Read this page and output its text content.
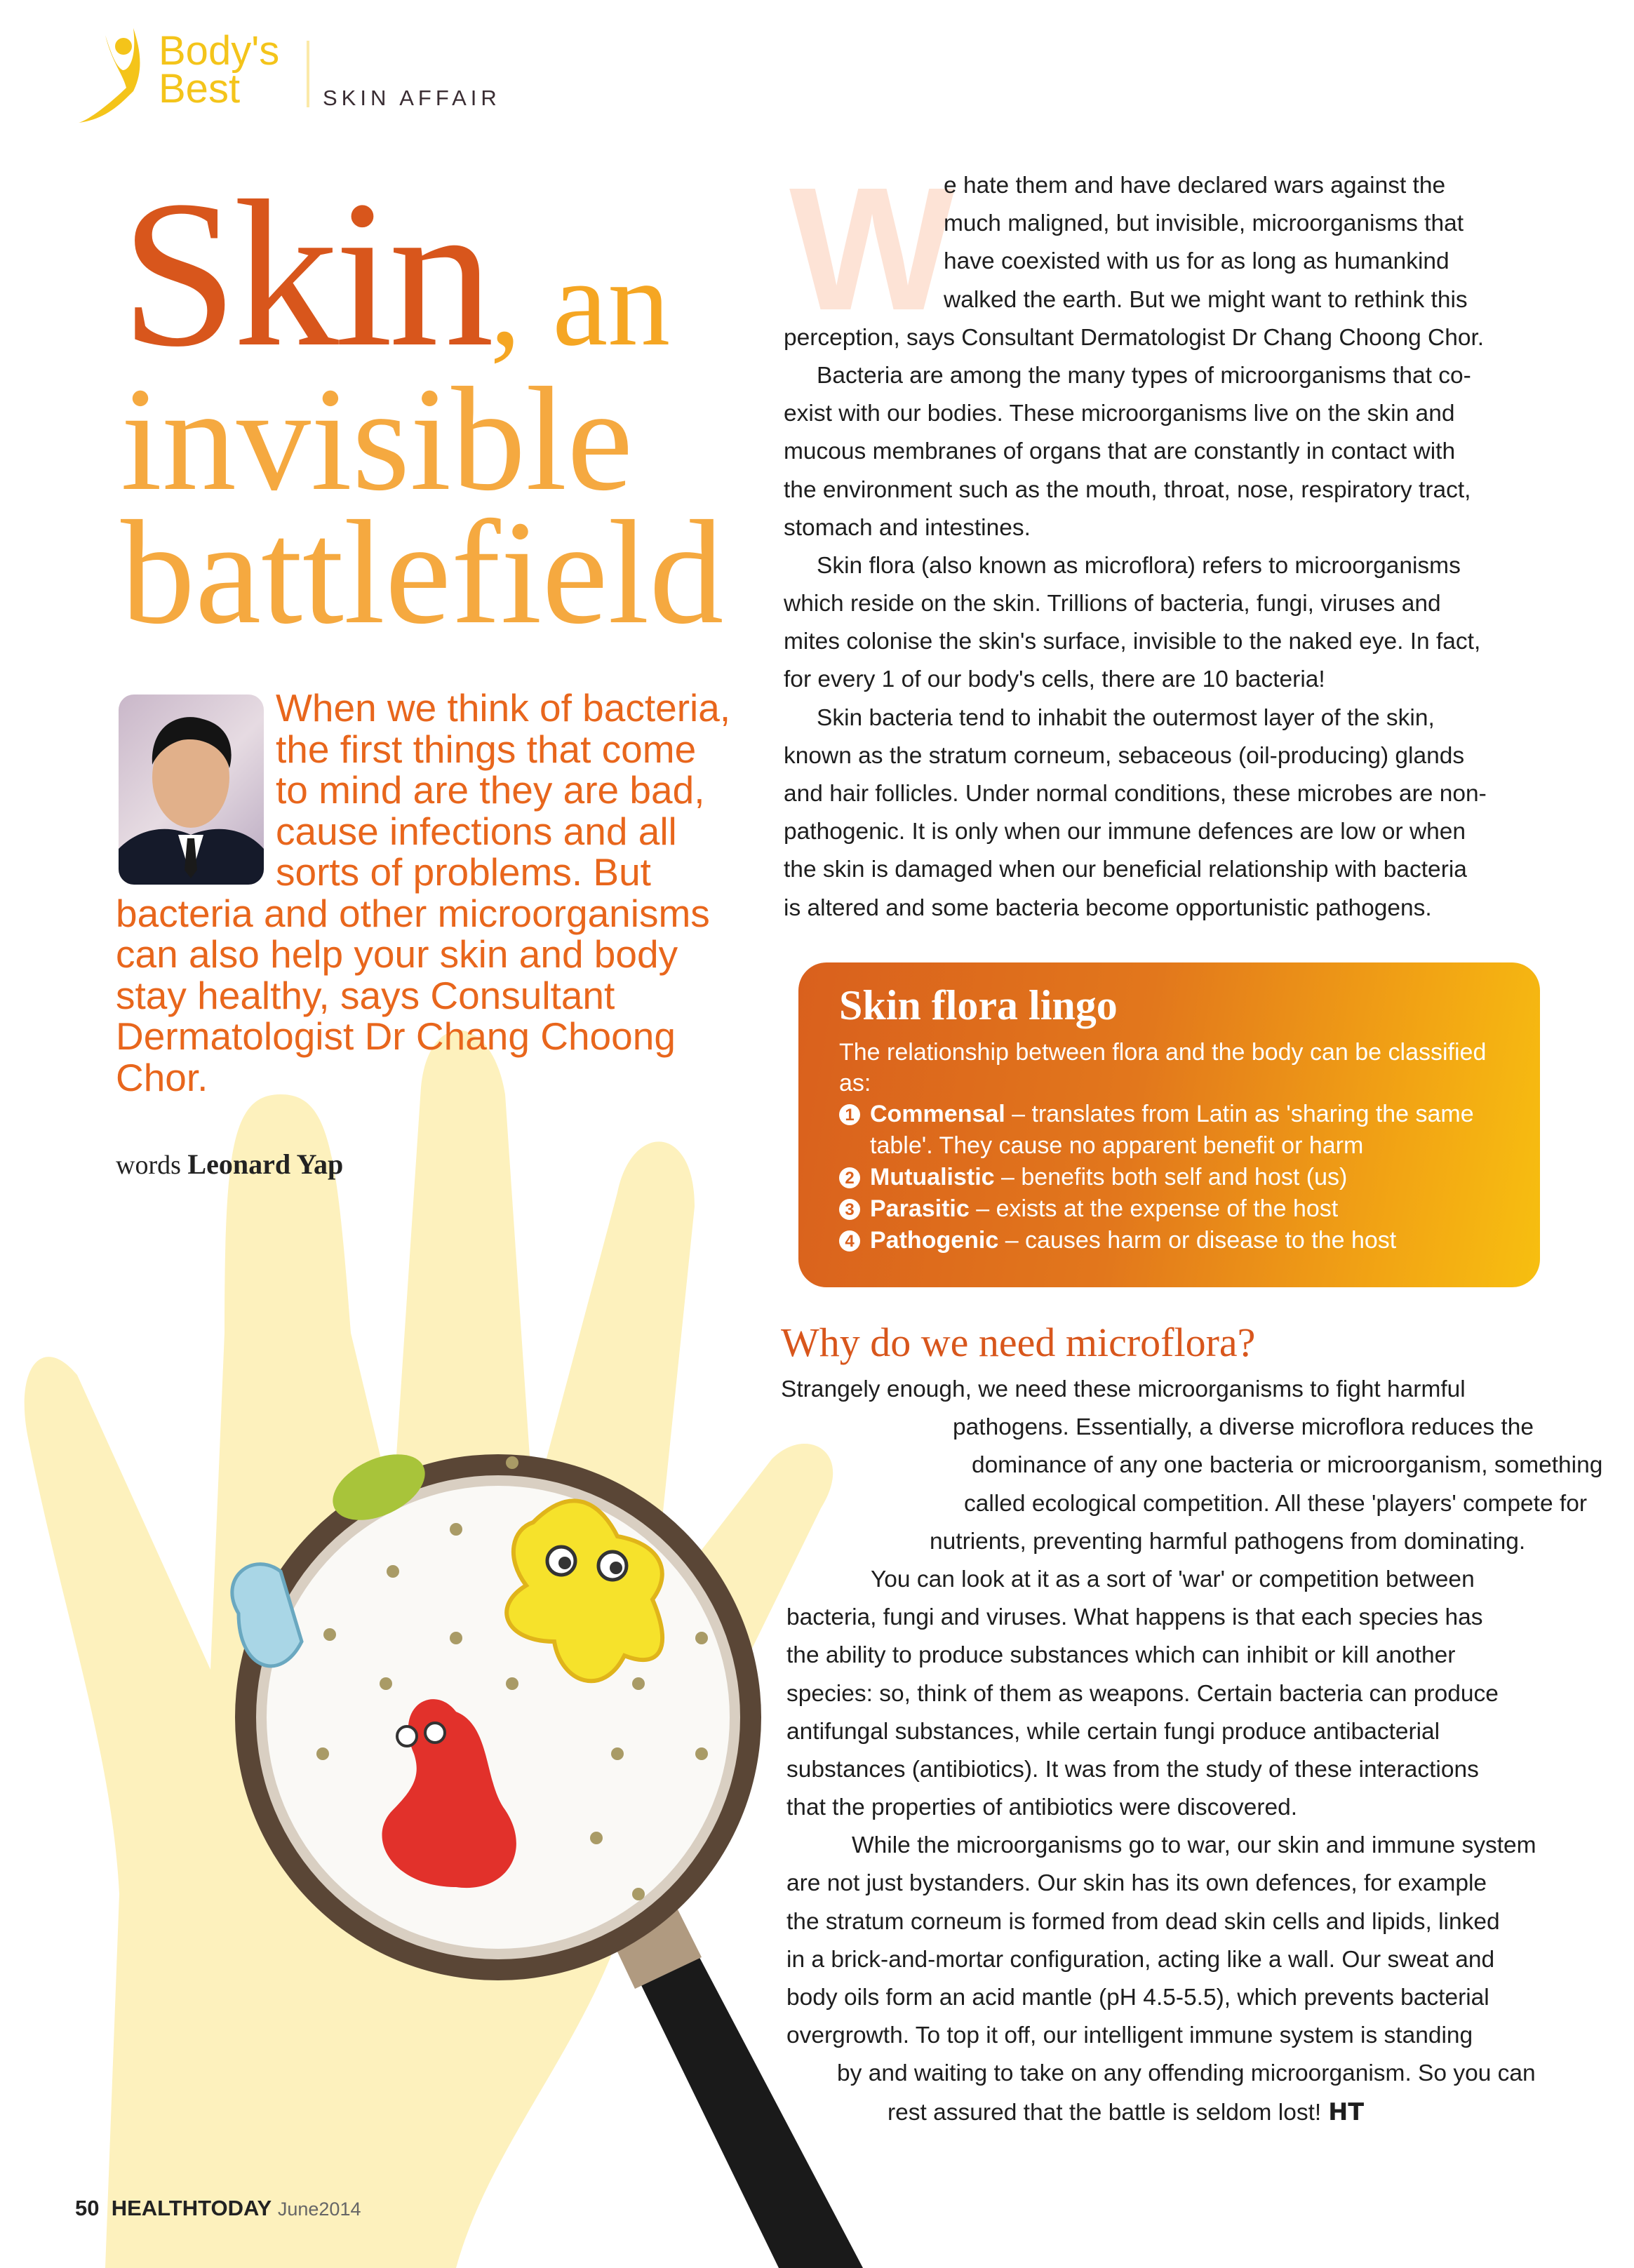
Body's
Best	SKIN AFFAIR
Skin, an
invisible
battlefield
When we think of bacteria, the first things that come to mind are they are bad, cause infections and all sorts of problems. But bacteria and other microorganisms can also help your skin and body stay healthy, says Consultant Dermatologist Dr Chang Choong Chor.
words Leonard Yap
W
e hate them and have declared wars against the
much maligned, but invisible, microorganisms that
have coexisted with us for as long as humankind
walked the earth. But we might want to rethink this
perception, says Consultant Dermatologist Dr Chang Choong Chor.
Bacteria are among the many types of microorganisms that co-
exist with our bodies. These microorganisms live on the skin and
mucous membranes of organs that are constantly in contact with
the environment such as the mouth, throat, nose, respiratory tract,
stomach and intestines.
Skin flora (also known as microflora) refers to microorganisms
which reside on the skin. Trillions of bacteria, fungi, viruses and
mites colonise the skin's surface, invisible to the naked eye. In fact,
for every 1 of our body's cells, there are 10 bacteria!
Skin bacteria tend to inhabit the outermost layer of the skin,
known as the stratum corneum, sebaceous (oil-producing) glands
and hair follicles. Under normal conditions, these microbes are non-
pathogenic. It is only when our immune defences are low or when
the skin is damaged when our beneficial relationship with bacteria
is altered and some bacteria become opportunistic pathogens.
Skin flora lingo
The relationship between flora and the body can be classified as:
1 Commensal – translates from Latin as 'sharing the same table'. They cause no apparent benefit or harm
2 Mutualistic – benefits both self and host (us)
3 Parasitic – exists at the expense of the host
4 Pathogenic – causes harm or disease to the host
Why do we need microflora?
Strangely enough, we need these microorganisms to fight harmful
pathogens. Essentially, a diverse microflora reduces the
dominance of any one bacteria or microorganism, something
called ecological competition. All these 'players' compete for
nutrients, preventing harmful pathogens from dominating.
You can look at it as a sort of 'war' or competition between
bacteria, fungi and viruses. What happens is that each species has
the ability to produce substances which can inhibit or kill another
species: so, think of them as weapons. Certain bacteria can produce
antifungal substances, while certain fungi produce antibacterial
substances (antibiotics). It was from the study of these interactions
that the properties of antibiotics were discovered.
While the microorganisms go to war, our skin and immune system
are not just bystanders. Our skin has its own defences, for example
the stratum corneum is formed from dead skin cells and lipids, linked
in a brick-and-mortar configuration, acting like a wall. Our sweat and
body oils form an acid mantle (pH 4.5-5.5), which prevents bacterial
overgrowth. To top it off, our intelligent immune system is standing
by and waiting to take on any offending microorganism. So you can
rest assured that the battle is seldom lost! HT
50 HEALTHTODAY June2014
